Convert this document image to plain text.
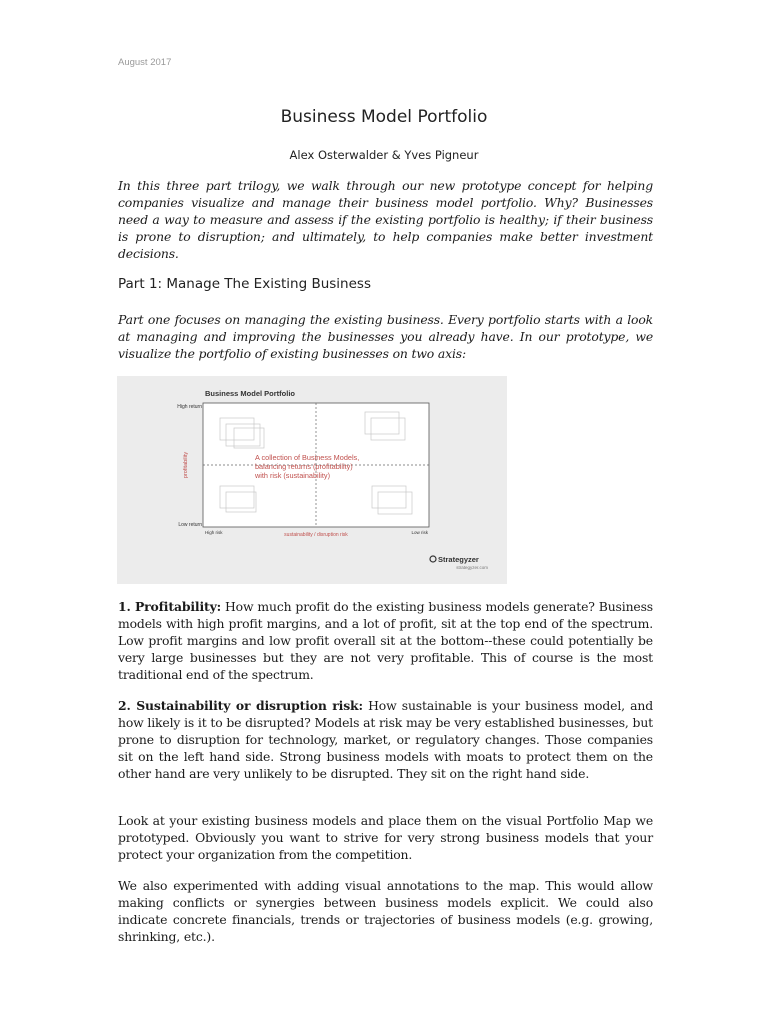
August 2017
Business Model Portfolio
Alex Osterwalder & Yves Pigneur
In this three part trilogy, we walk through our new prototype concept for helping companies visualize and manage their business model portfolio. Why? Businesses need a way to measure and assess if the existing portfolio is healthy; if their business is prone to disruption; and ultimately, to help companies make better investment decisions.
Part 1: Manage The Existing Business
Part one focuses on managing the existing business. Every portfolio starts with a look at managing and improving the businesses you already have. In our prototype, we visualize the portfolio of existing businesses on two axis:
Business Model Portfolio
High return
Low return
profitability
High risk	Low risk
sustainability / disruption risk
A collection of Business Models,
balancing returns (profitability)
with risk (sustainability)
Strategyzer
strategyzer.com
1. Profitability: How much profit do the existing business models generate? Business models with high profit margins, and a lot of profit, sit at the top end of the spectrum. Low profit margins and low profit overall sit at the bottom--these could potentially be very large businesses but they are not very profitable. This of course is the most traditional end of the spectrum.
2. Sustainability or disruption risk: How sustainable is your business model, and how likely is it to be disrupted? Models at risk may be very established businesses, but prone to disruption for technology, market, or regulatory changes. Those companies sit on the left hand side. Strong business models with moats to protect them on the other hand are very unlikely to be disrupted. They sit on the right hand side.
Look at your existing business models and place them on the visual Portfolio Map we prototyped. Obviously you want to strive for very strong business models that your protect your organization from the competition.
We also experimented with adding visual annotations to the map. This would allow making conflicts or synergies between business models explicit. We could also indicate concrete financials, trends or trajectories of business models (e.g. growing, shrinking, etc.).
